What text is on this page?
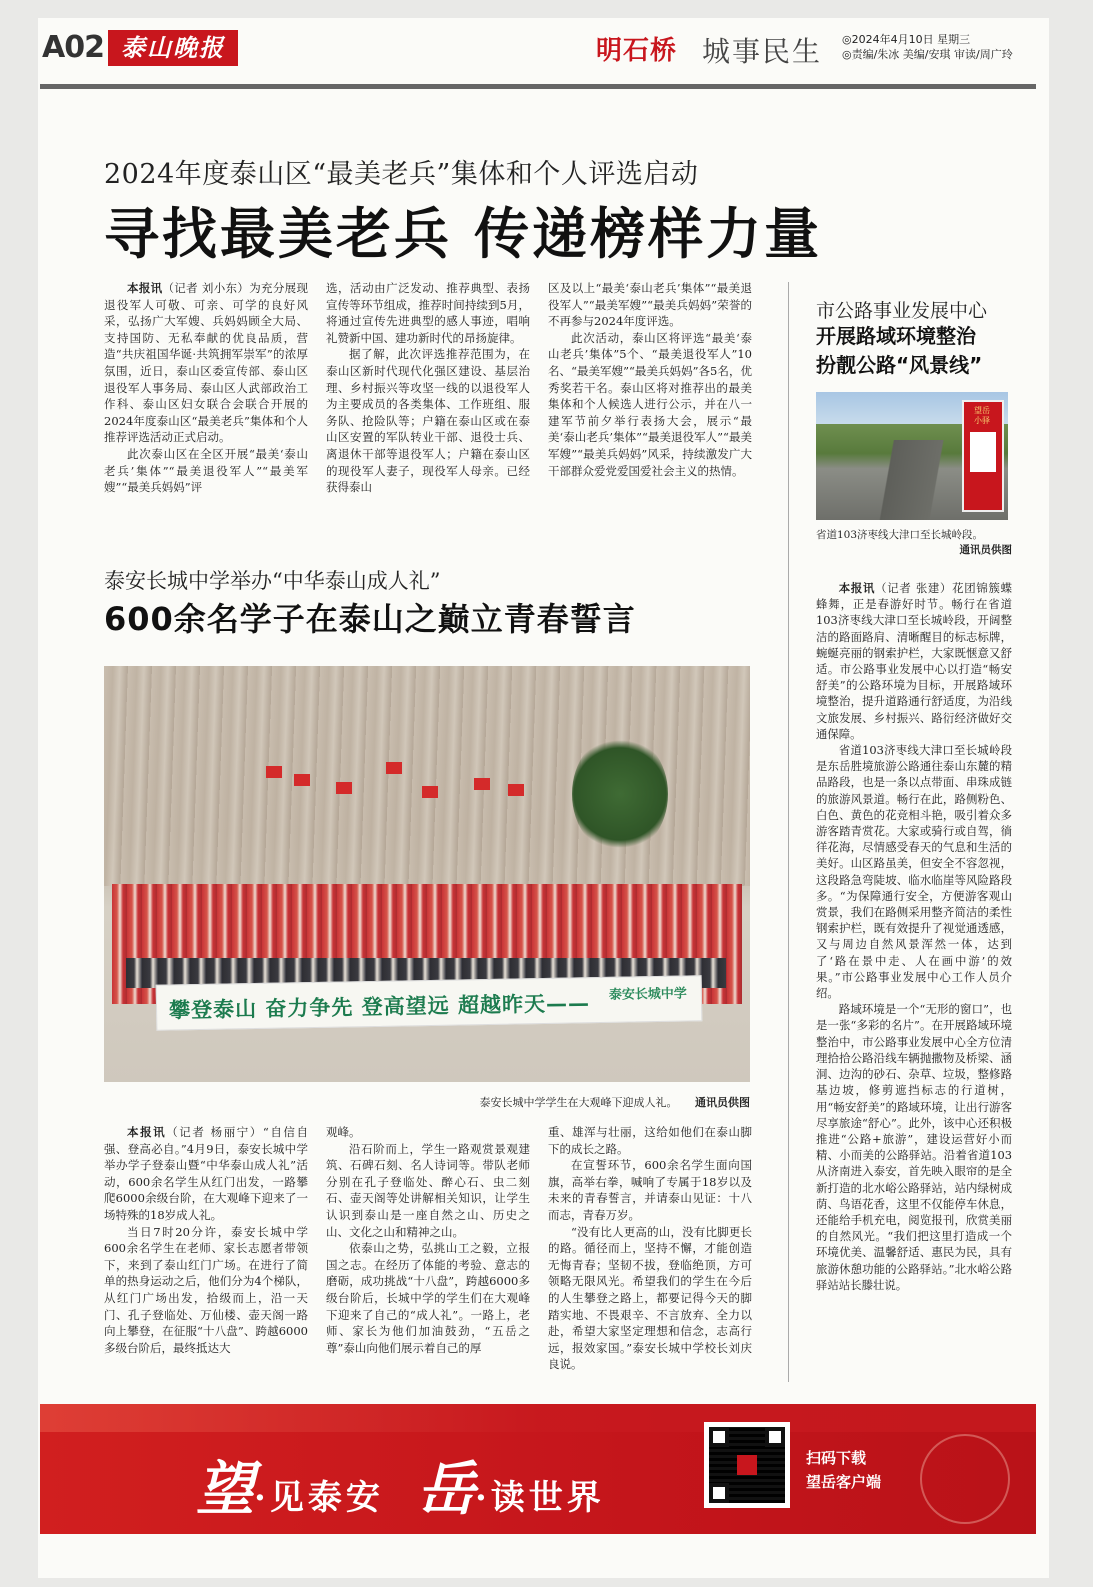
A02 泰山晚报	明石桥 城事民生 ◎2024年4月10日 星期三
◎责编/朱冰 美编/安琪 审读/周广玲
2024年度泰山区“最美老兵”集体和个人评选启动
寻找最美老兵 传递榜样力量

本报讯（记者 刘小东）为充分展现退役军人可敬、可亲、可学的良好风采，弘扬广大军嫂、兵妈妈顾全大局、支持国防、无私奉献的优良品质，营造“共庆祖国华诞·共筑拥军崇军”的浓厚氛围，近日，泰山区委宣传部、泰山区退役军人事务局、泰山区人武部政治工作科、泰山区妇女联合会联合开展的2024年度泰山区“最美老兵”集体和个人推荐评选活动正式启动。

此次泰山区在全区开展“最美‘泰山老兵’集体”“最美退役军人”“最美军嫂”“最美兵妈妈”评

选，活动由广泛发动、推荐典型、表扬宣传等环节组成，推荐时间持续到5月，将通过宣传先进典型的感人事迹，唱响礼赞新中国、建功新时代的昂扬旋律。

据了解，此次评选推荐范围为，在泰山区新时代现代化强区建设、基层治理、乡村振兴等攻坚一线的以退役军人为主要成员的各类集体、工作班组、服务队、抢险队等；户籍在泰山区或在泰山区安置的军队转业干部、退役士兵、离退休干部等退役军人；户籍在泰山区的现役军人妻子，现役军人母亲。已经获得泰山

区及以上“最美‘泰山老兵’集体”“最美退役军人”“最美军嫂”“最美兵妈妈”荣誉的不再参与2024年度评选。

此次活动，泰山区将评选“最美‘泰山老兵’集体”5个、“最美退役军人”10名、“最美军嫂”“最美兵妈妈”各5名，优秀奖若干名。泰山区将对推荐出的最美集体和个人候选人进行公示，并在八一建军节前夕举行表扬大会，展示“最美‘泰山老兵’集体”“最美退役军人”“最美军嫂”“最美兵妈妈”风采，持续激发广大干部群众爱党爱国爱社会主义的热情。

市公路事业发展中心
开展路域环境整治
扮靓公路“风景线”
望岳小驿
省道103济枣线大津口至长城岭段。
通讯员供图

本报讯（记者 张建）花团锦簇蝶蜂舞，正是春游好时节。畅行在省道103济枣线大津口至长城岭段，开阔整洁的路面路肩、清晰醒目的标志标牌，蜿蜒亮丽的钢索护栏，大家既惬意又舒适。市公路事业发展中心以打造“畅安舒美”的公路环境为目标，开展路域环境整治，提升道路通行舒适度，为沿线文旅发展、乡村振兴、路衍经济做好交通保障。

省道103济枣线大津口至长城岭段是东岳胜境旅游公路通往泰山东麓的精品路段，也是一条以点带面、串珠成链的旅游风景道。畅行在此，路侧粉色、白色、黄色的花竞相斗艳，吸引着众多游客踏青赏花。大家或骑行或自驾，徜徉花海，尽情感受春天的气息和生活的美好。山区路虽美，但安全不容忽视，这段路急弯陡坡、临水临崖等风险路段多。“为保障通行安全，方便游客观山赏景，我们在路侧采用整齐简洁的柔性钢索护栏，既有效提升了视觉通透感，又与周边自然风景浑然一体，达到了‘路在景中走、人在画中游’的效果。”市公路事业发展中心工作人员介绍。

路域环境是一个“无形的窗口”，也是一张“多彩的名片”。在开展路域环境整治中，市公路事业发展中心全方位清理拾拾公路沿线车辆抛撒物及桥梁、涵洞、边沟的砂石、杂草、垃圾，整修路基边坡，修剪遮挡标志的行道树，用“畅安舒美”的路域环境，让出行游客尽享旅途“舒心”。此外，该中心还积极推进“公路+旅游”，建设运营好小而精、小而美的公路驿站。沿着省道103从济南进入泰安，首先映入眼帘的是全新打造的北水峪公路驿站，站内绿树成荫、鸟语花香，这里不仅能停车休息，还能给手机充电，阅览报刊，欣赏美丽的自然风光。“我们把这里打造成一个环境优美、温馨舒适、惠民为民，具有旅游休憩功能的公路驿站。”北水峪公路驿站站长滕壮说。

泰安长城中学举办“中华泰山成人礼”
600余名学子在泰山之巅立青春誓言
攀登泰山 奋力争先 登高望远 超越昨天—— 泰安长城中学
泰安长城中学学生在大观峰下迎成人礼。 通讯员供图

本报讯（记者 杨丽宁）“自信自强、登高必自。”4月9日，泰安长城中学举办学子登泰山暨“中华泰山成人礼”活动，600余名学生从红门出发，一路攀爬6000余级台阶，在大观峰下迎来了一场特殊的18岁成人礼。

当日7时20分许，泰安长城中学600余名学生在老师、家长志愿者带领下，来到了泰山红门广场。在进行了简单的热身运动之后，他们分为4个梯队，从红门广场出发，拾级而上，沿一天门、孔子登临处、万仙楼、壶天阁一路向上攀登，在征服“十八盘”、跨越6000多级台阶后，最终抵达大

观峰。

沿石阶而上，学生一路观赏景观建筑、石碑石刻、名人诗词等。带队老师分别在孔子登临处、醉心石、虫二刻石、壶天阁等处讲解相关知识，让学生认识到泰山是一座自然之山、历史之山、文化之山和精神之山。

依泰山之势，弘挑山工之毅，立报国之志。在经历了体能的考验、意志的磨砺，成功挑战“十八盘”，跨越6000多级台阶后，长城中学的学生们在大观峰下迎来了自己的“成人礼”。一路上，老师、家长为他们加油鼓劲，“五岳之尊”泰山向他们展示着自己的厚

重、雄浑与壮丽，这给如他们在泰山脚下的成长之路。

在宣誓环节，600余名学生面向国旗，高举右拳，喊响了专属于18岁以及未来的青春誓言，并请泰山见证：十八而志，青春万岁。

“没有比人更高的山，没有比脚更长的路。循径而上，坚持不懈，才能创造无悔青春；坚韧不拔，登临绝顶，方可领略无限风光。希望我们的学生在今后的人生攀登之路上，都要记得今天的脚踏实地、不畏艰辛、不言放弃、全力以赴，希望大家坚定理想和信念，志高行远，报效家国。”泰安长城中学校长刘庆良说。

望·见泰安 岳·读世界
扫码下载
望岳客户端
